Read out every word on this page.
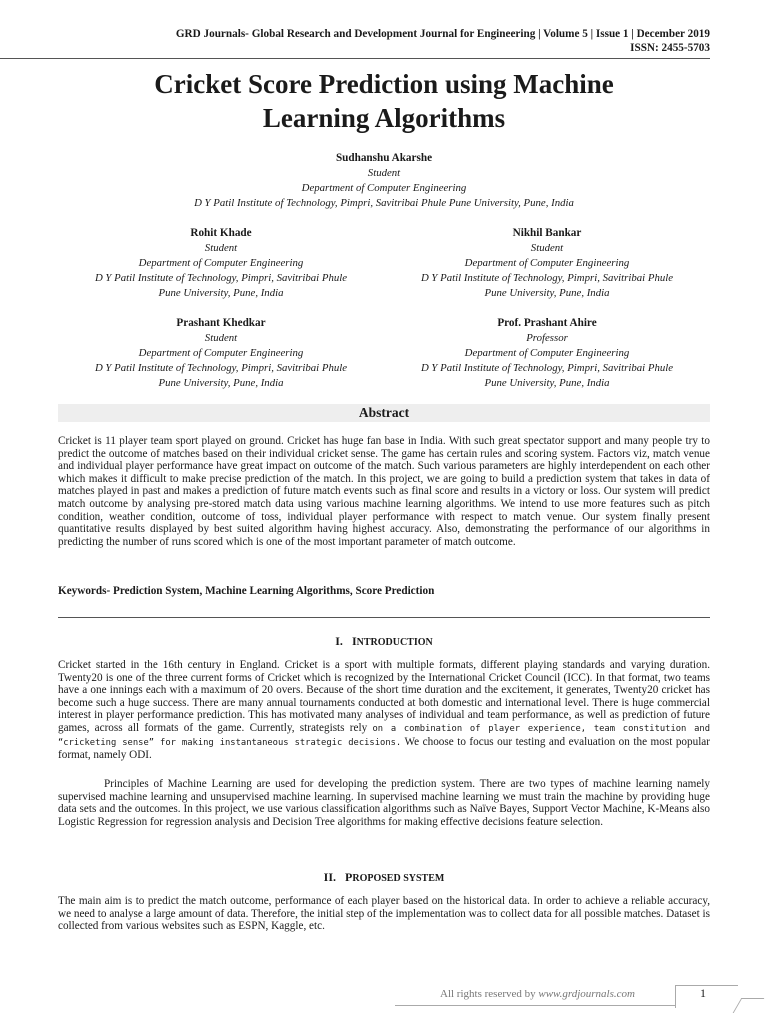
GRD Journals- Global Research and Development Journal for Engineering | Volume 5 | Issue 1 | December 2019
ISSN: 2455-5703
Cricket Score Prediction using Machine
Learning Algorithms
Sudhanshu Akarshe
Student
Department of Computer Engineering
D Y Patil Institute of Technology, Pimpri, Savitribai Phule Pune University, Pune, India
Rohit Khade
Student
Department of Computer Engineering
D Y Patil Institute of Technology, Pimpri, Savitribai Phule
Pune University, Pune, India
Nikhil Bankar
Student
Department of Computer Engineering
D Y Patil Institute of Technology, Pimpri, Savitribai Phule
Pune University, Pune, India
Prashant Khedkar
Student
Department of Computer Engineering
D Y Patil Institute of Technology, Pimpri, Savitribai Phule
Pune University, Pune, India
Prof. Prashant Ahire
Professor
Department of Computer Engineering
D Y Patil Institute of Technology, Pimpri, Savitribai Phule
Pune University, Pune, India
Abstract
Cricket is 11 player team sport played on ground. Cricket has huge fan base in India. With such great spectator support and many people try to predict the outcome of matches based on their individual cricket sense. The game has certain rules and scoring system. Factors viz, match venue and individual player performance have great impact on outcome of the match. Such various parameters are highly interdependent on each other which makes it difficult to make precise prediction of the match. In this project, we are going to build a prediction system that takes in data of matches played in past and makes a prediction of future match events such as final score and results in a victory or loss. Our system will predict match outcome by analysing pre-stored match data using various machine learning algorithms. We intend to use more features such as pitch condition, weather condition, outcome of toss, individual player performance with respect to match venue. Our system finally present quantitative results displayed by best suited algorithm having highest accuracy. Also, demonstrating the performance of our algorithms in predicting the number of runs scored which is one of the most important parameter of match outcome.
Keywords- Prediction System, Machine Learning Algorithms, Score Prediction
I. INTRODUCTION
Cricket started in the 16th century in England. Cricket is a sport with multiple formats, different playing standards and varying duration. Twenty20 is one of the three current forms of Cricket which is recognized by the International Cricket Council (ICC). In that format, two teams have a one innings each with a maximum of 20 overs. Because of the short time duration and the excitement, it generates, Twenty20 cricket has become such a huge success. There are many annual tournaments conducted at both domestic and international level. There is huge commercial interest in player performance prediction. This has motivated many analyses of individual and team performance, as well as prediction of future games, across all formats of the game. Currently, strategists rely on a combination of player experience, team constitution and “cricketing sense” for making instantaneous strategic decisions. We choose to focus our testing and evaluation on the most popular format, namely ODI.
Principles of Machine Learning are used for developing the prediction system. There are two types of machine learning namely supervised machine learning and unsupervised machine learning. In supervised machine learning we must train the machine by providing huge data sets and the outcomes. In this project, we use various classification algorithms such as Naïve Bayes, Support Vector Machine, K-Means also Logistic Regression for regression analysis and Decision Tree algorithms for making effective decisions feature selection.
II. PROPOSED SYSTEM
The main aim is to predict the match outcome, performance of each player based on the historical data. In order to achieve a reliable accuracy, we need to analyse a large amount of data. Therefore, the initial step of the implementation was to collect data for all possible matches. Dataset is collected from various websites such as ESPN, Kaggle, etc.
All rights reserved by www.grdjournals.com	1
